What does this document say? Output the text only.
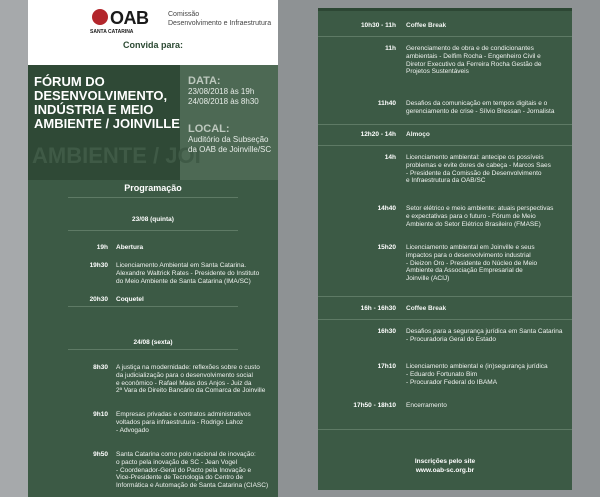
OAB
SANTA CATARINA
Comissão
Desenvolvimento e Infraestrutura
Convida para:
AMBIENTE / JOI
FÓRUM DO
DESENVOLVIMENTO,
INDÚSTRIA E MEIO
AMBIENTE / JOINVILLE
DATA:
23/08/2018 às 19h
24/08/2018 às 8h30
LOCAL:
Auditório da Subseção
da OAB de Joinville/SC
Programação
23/08 (quinta)
19h Abertura
19h30 Licenciamento Ambiental em Santa Catarina.
Alexandre Waltrick Rates - Presidente do Instituto
do Meio Ambiente de Santa Catarina (IMA/SC)
20h30 Coquetel
24/08 (sexta)
8h30 A justiça na modernidade: reflexões sobre o custo
da judicialização para o desenvolvimento social
e econômico - Rafael Maas dos Anjos - Juiz da
2ª Vara de Direito Bancário da Comarca de Joinville
9h10 Empresas privadas e contratos administrativos
voltados para infraestrutura - Rodrigo Lahoz
- Advogado
9h50 Santa Catarina como polo nacional de inovação:
o pacto pela inovação de SC - Jean Vogel
- Coordenador-Geral do Pacto pela Inovação e
Vice-Presidente de Tecnologia do Centro de
Informática e Automação de Santa Catarina (CIASC)
10h30 - 11h Coffee Break
11h Gerenciamento de obra e de condicionantes
ambientais - Delfim Rocha - Engenheiro Civil e
Diretor Executivo da Ferreira Rocha Gestão de
Projetos Sustentáveis
11h40 Desafios da comunicação em tempos digitais e o
gerenciamento de crise - Sílvio Bressan - Jornalista
12h20 - 14h Almoço
14h Licenciamento ambiental: antecipe os possíveis
problemas e evite dores de cabeça - Marcos Saes
- Presidente da Comissão de Desenvolvimento
e Infraestrutura da OAB/SC
14h40 Setor elétrico e meio ambiente: atuais perspectivas
e expectativas para o futuro - Fórum de Meio
Ambiente do Setor Elétrico Brasileiro (FMASE)
15h20 Licenciamento ambiental em Joinville e seus
impactos para o desenvolvimento industrial
- Dieizon Oro - Presidente do Núcleo de Meio
Ambiente da Associação Empresarial de
Joinville (ACIJ)
16h - 16h30 Coffee Break
16h30 Desafios para a segurança jurídica em Santa Catarina
- Procuradoria Geral do Estado
17h10 Licenciamento ambiental e (in)segurança jurídica
- Eduardo Fortunato Bim
- Procurador Federal do IBAMA
17h50 - 18h10 Encerramento
Inscrições pelo site
www.oab-sc.org.br
